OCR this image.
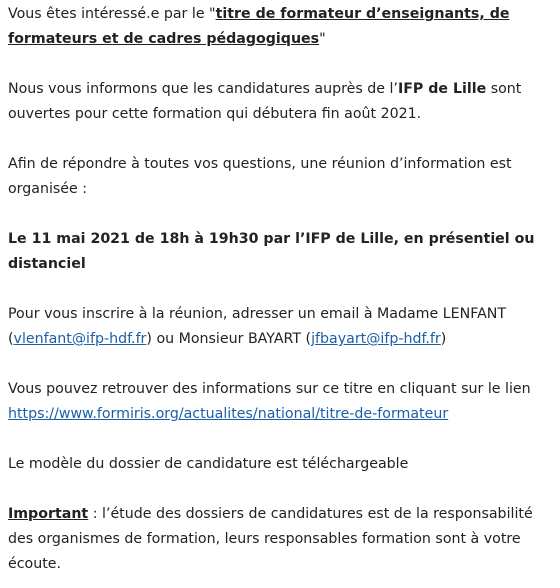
Vous êtes intéressé.e par le "titre de formateur d’enseignants, de formateurs et de cadres pédagogiques"

Nous vous informons que les candidatures auprès de l’IFP de Lille sont ouvertes pour cette formation qui débutera fin août 2021.

Afin de répondre à toutes vos questions, une réunion d’information est organisée :

Le 11 mai 2021 de 18h à 19h30 par l’IFP de Lille, en présentiel ou distanciel

Pour vous inscrire à la réunion, adresser un email à Madame LENFANT (vlenfant@ifp-hdf.fr) ou Monsieur BAYART (jfbayart@ifp-hdf.fr)

Vous pouvez retrouver des informations sur ce titre en cliquant sur le lien https://www.formiris.org/actualites/national/titre-de-formateur

Le modèle du dossier de candidature est téléchargeable

Important : l’étude des dossiers de candidatures est de la responsabilité des organismes de formation, leurs responsables formation sont à votre écoute.
